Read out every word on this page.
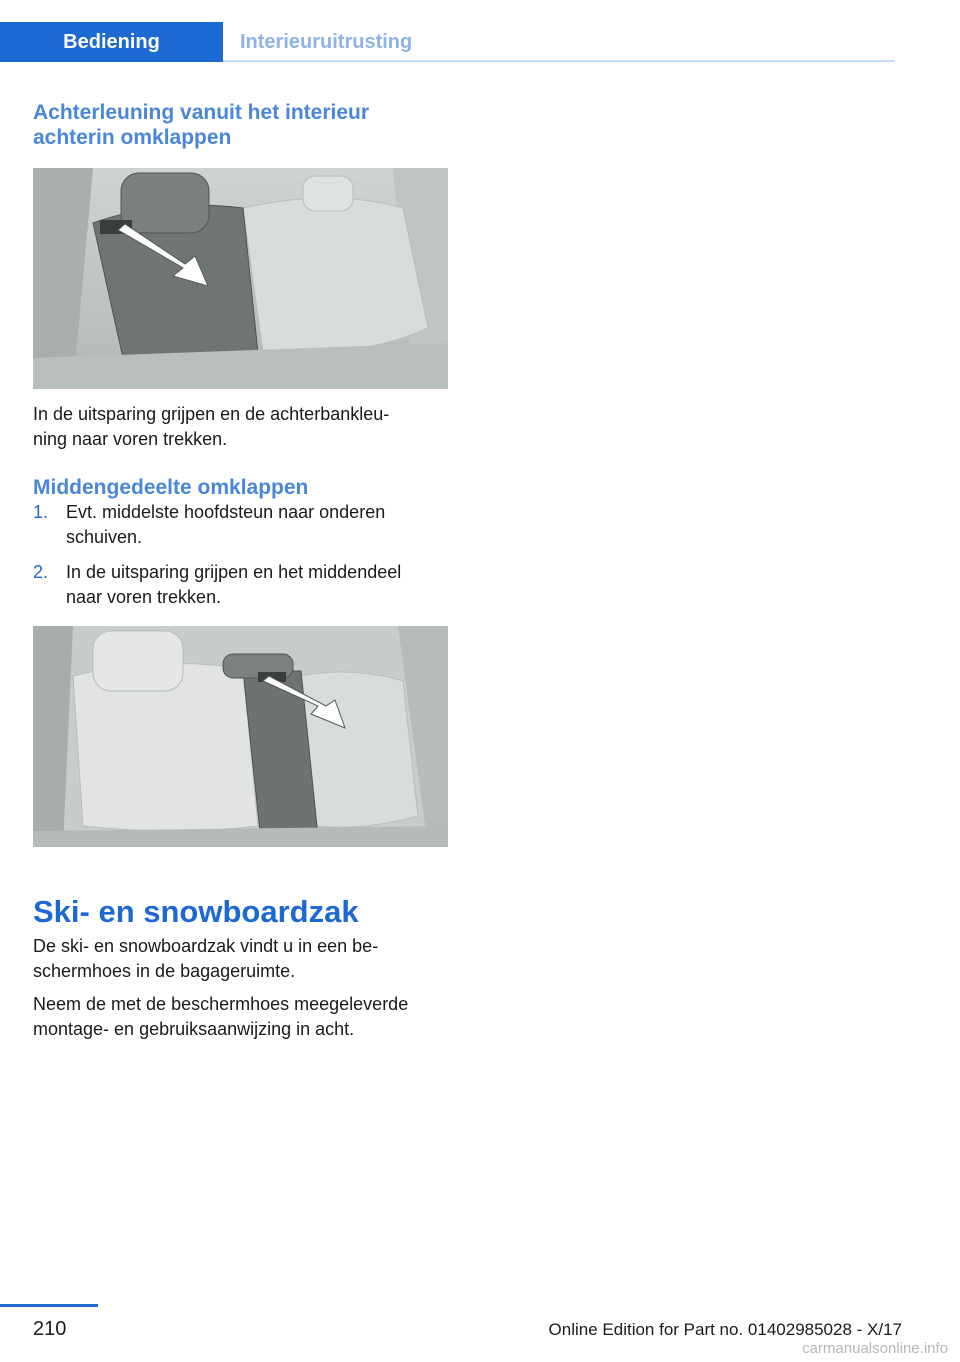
Bediening	Interieuruitrusting
Achterleuning vanuit het interieur
achterin omklappen

In de uitsparing grijpen en de achterbankleu-
ning naar voren trekken.

Middengedeelte omklappen
1. Evt. middelste hoofdsteun naar onderen
schuiven.
2. In de uitsparing grijpen en het middendeel
naar voren trekken.
Ski- en snowboardzak

De ski- en snowboardzak vindt u in een be-
schermhoes in de bagageruimte.

Neem de met de beschermhoes meegeleverde
montage- en gebruiksaanwijzing in acht.

210	Online Edition for Part no. 01402985028 - X/17
carmanualsonline.info
